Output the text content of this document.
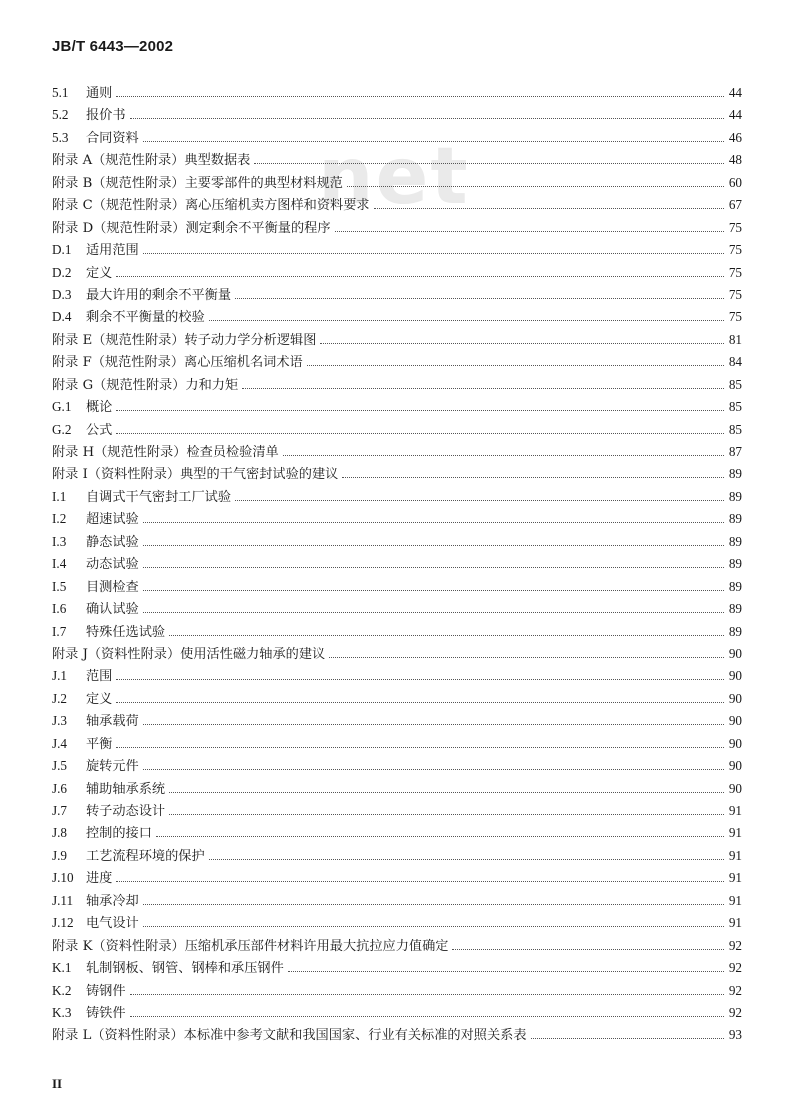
JB/T 6443—2002
net
5.1	通则	44
5.2	报价书	44
5.3	合同资料	46
附录 A（规范性附录）典型数据表	48
附录 B（规范性附录）主要零部件的典型材料规范	60
附录 C（规范性附录）离心压缩机卖方图样和资料要求	67
附录 D（规范性附录）测定剩余不平衡量的程序	75
D.1	适用范围	75
D.2	定义	75
D.3	最大许用的剩余不平衡量	75
D.4	剩余不平衡量的校验	75
附录 E（规范性附录）转子动力学分析逻辑图	81
附录 F（规范性附录）离心压缩机名词术语	84
附录 G（规范性附录）力和力矩	85
G.1	概论	85
G.2	公式	85
附录 H（规范性附录）检查员检验清单	87
附录 I（资料性附录）典型的干气密封试验的建议	89
I.1	自调式干气密封工厂试验	89
I.2	超速试验	89
I.3	静态试验	89
I.4	动态试验	89
I.5	目测检查	89
I.6	确认试验	89
I.7	特殊任选试验	89
附录 J（资料性附录）使用活性磁力轴承的建议	90
J.1	范围	90
J.2	定义	90
J.3	轴承载荷	90
J.4	平衡	90
J.5	旋转元件	90
J.6	辅助轴承系统	90
J.7	转子动态设计	91
J.8	控制的接口	91
J.9	工艺流程环境的保护	91
J.10 进度	91
J.11 轴承冷却	91
J.12 电气设计	91
附录 K（资料性附录）压缩机承压部件材料许用最大抗拉应力值确定	92
K.1	轧制钢板、钢管、钢棒和承压钢件	92
K.2	铸钢件	92
K.3	铸铁件	92
附录 L（资料性附录）本标准中参考文献和我国国家、行业有关标准的对照关系表	93
II
